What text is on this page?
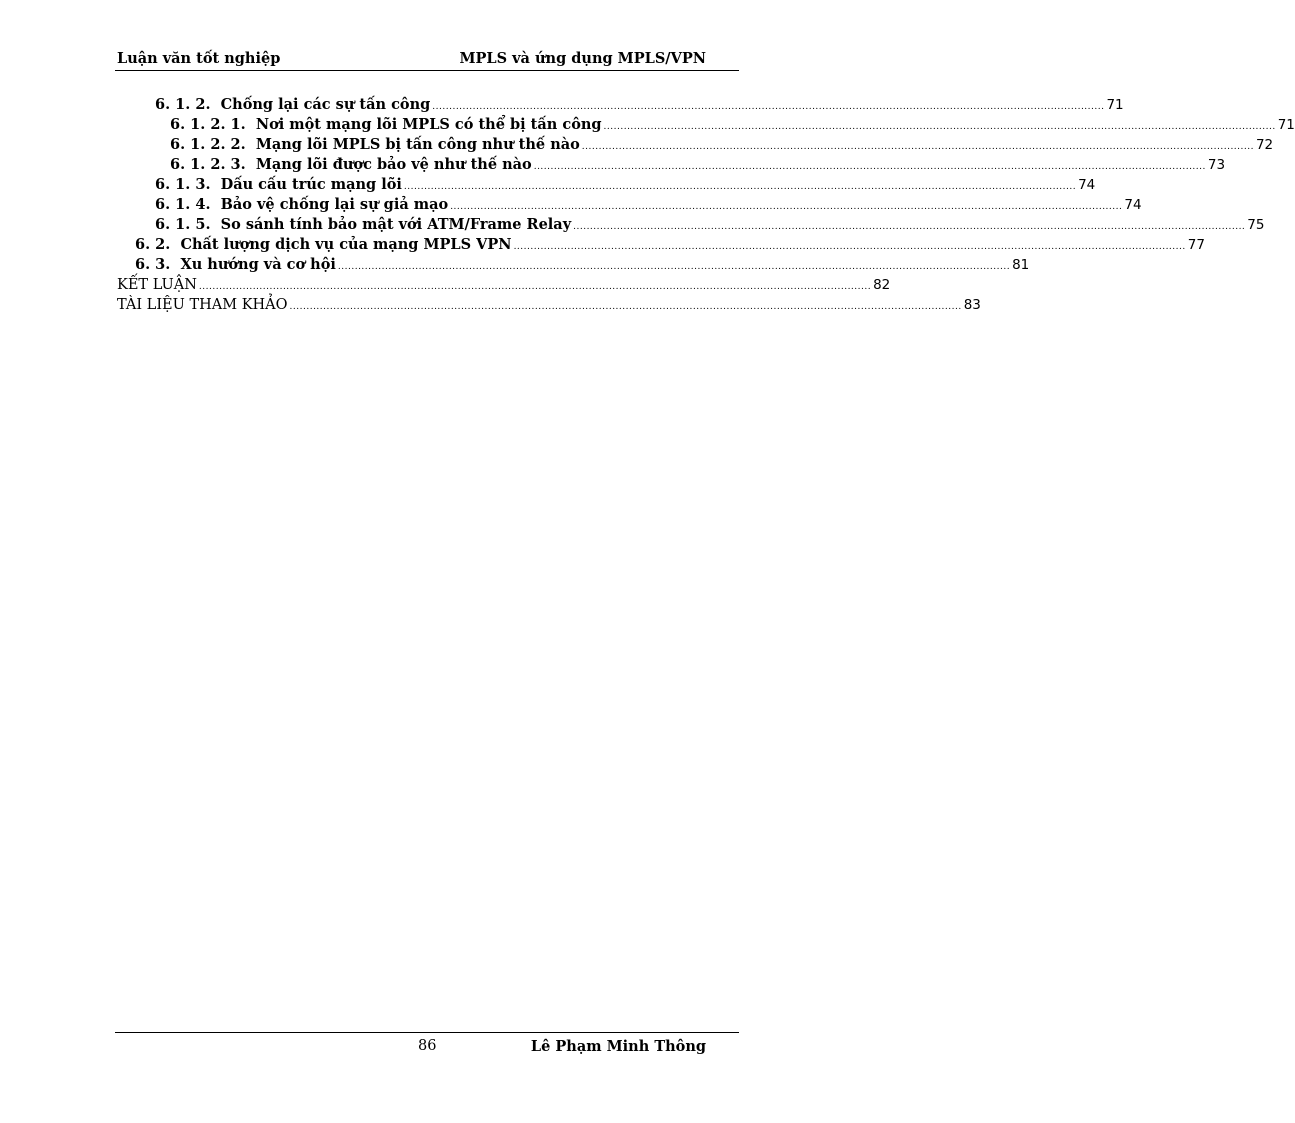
Luận văn tốt nghiệp	MPLS và ứng dụng MPLS/VPN
6. 1. 2.
Chống lại các sự tấn công ........................................................................................................................................................................................................ 71
6. 1. 2. 1.
Nơi một mạng lõi MPLS có thể bị tấn công ........................................................................................................................................................................................................ 71
6. 1. 2. 2.
Mạng lõi MPLS bị tấn công như thế nào ........................................................................................................................................................................................................ 72
6. 1. 2. 3.
Mạng lõi được bảo vệ như thế nào ........................................................................................................................................................................................................ 73
6. 1. 3.
Dấu cấu trúc mạng lõi ........................................................................................................................................................................................................ 74
6. 1. 4.
Bảo vệ chống lại sự giả mạo ........................................................................................................................................................................................................ 74
6. 1. 5.
So sánh tính bảo mật với ATM/Frame Relay ........................................................................................................................................................................................................ 75
6. 2.
Chất lượng dịch vụ của mạng MPLS VPN ........................................................................................................................................................................................................ 77
6. 3.
Xu hướng và cơ hội ........................................................................................................................................................................................................ 81
KẾT LUẬN ........................................................................................................................................................................................................ 82
TÀI LIỆU THAM KHẢO ........................................................................................................................................................................................................ 83
86	Lê Phạm Minh Thông
